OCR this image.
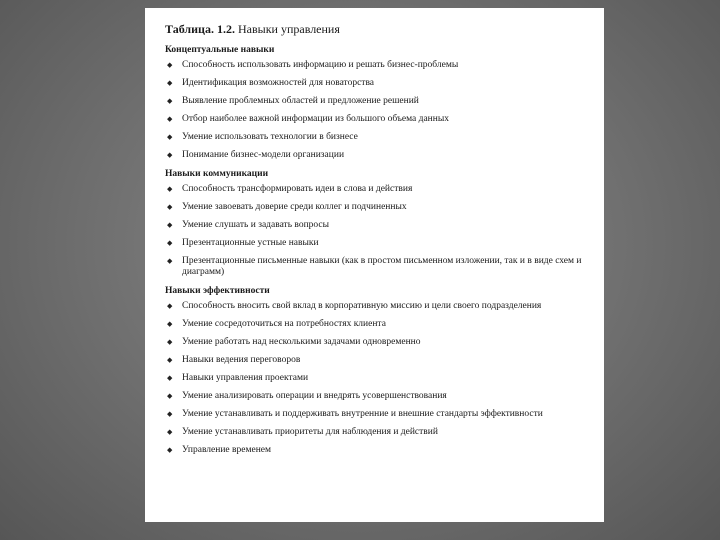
Таблица. 1.2. Навыки управления
Концептуальные навыки
◆ Способность использовать информацию и решать бизнес-проблемы
◆ Идентификация возможностей для новаторства
◆ Выявление проблемных областей и предложение решений
◆ Отбор наиболее важной информации из большого объема данных
◆ Умение использовать технологии в бизнесе
◆ Понимание бизнес-модели организации
Навыки коммуникации
◆ Способность трансформировать идеи в слова и действия
◆ Умение завоевать доверие среди коллег и подчиненных
◆ Умение слушать и задавать вопросы
◆ Презентационные устные навыки
◆ Презентационные письменные навыки (как в простом письменном изложении, так и в виде схем и диаграмм)
Навыки эффективности
◆ Способность вносить свой вклад в корпоративную миссию и цели своего подразделения
◆ Умение сосредоточиться на потребностях клиента
◆ Умение работать над несколькими задачами одновременно
◆ Навыки ведения переговоров
◆ Навыки управления проектами
◆ Умение анализировать операции и внедрять усовершенствования
◆ Умение устанавливать и поддерживать внутренние и внешние стандарты эффективности
◆ Умение устанавливать приоритеты для наблюдения и действий
◆ Управление временем
